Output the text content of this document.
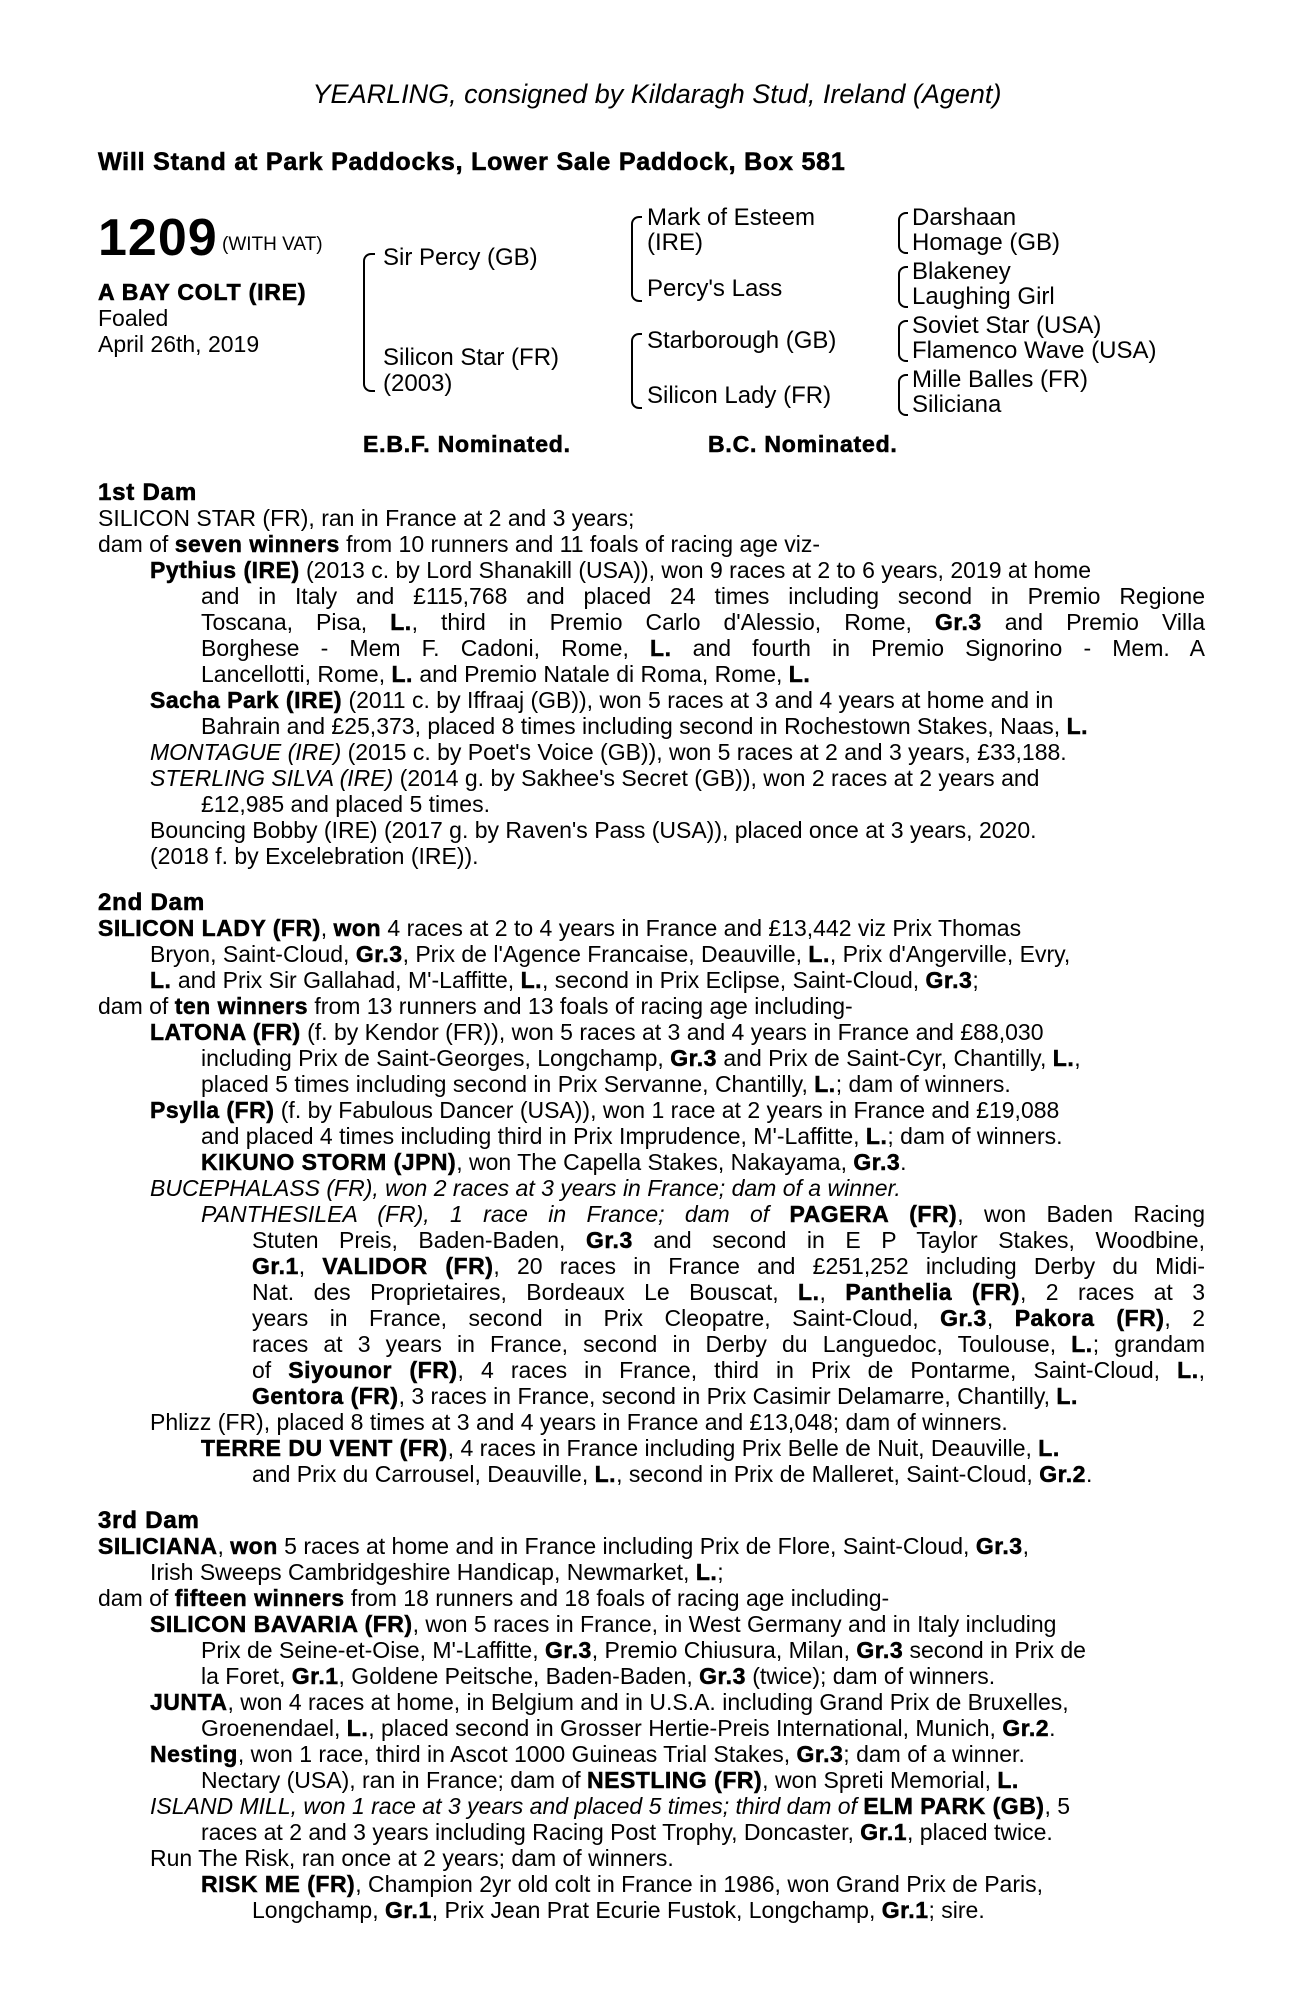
YEARLING, consigned by Kildaragh Stud, Ireland (Agent)
Will Stand at Park Paddocks, Lower Sale Paddock, Box 581
1209 (WITH VAT)
A BAY COLT (IRE)
Foaled
April 26th, 2019
Sir Percy (GB)
Silicon Star (FR)
(2003)
Mark of Esteem
(IRE)
Percy's Lass
Starborough (GB)
Silicon Lady (FR)
Darshaan
Homage (GB)
Blakeney
Laughing Girl
Soviet Star (USA)
Flamenco Wave (USA)
Mille Balles (FR)
Siliciana
E.B.F. Nominated.	B.C. Nominated.
1st Dam
SILICON STAR (FR), ran in France at 2 and 3 years;
dam of seven winners from 10 runners and 11 foals of racing age viz-
Pythius (IRE) (2013 c. by Lord Shanakill (USA)), won 9 races at 2 to 6 years, 2019 at home
and in Italy and £115,768 and placed 24 times including second in Premio Regione
Toscana, Pisa, L., third in Premio Carlo d'Alessio, Rome, Gr.3 and Premio Villa
Borghese - Mem F. Cadoni, Rome, L. and fourth in Premio Signorino - Mem. A
Lancellotti, Rome, L. and Premio Natale di Roma, Rome, L.
Sacha Park (IRE) (2011 c. by Iffraaj (GB)), won 5 races at 3 and 4 years at home and in
Bahrain and £25,373, placed 8 times including second in Rochestown Stakes, Naas, L.
MONTAGUE (IRE) (2015 c. by Poet's Voice (GB)), won 5 races at 2 and 3 years, £33,188.
STERLING SILVA (IRE) (2014 g. by Sakhee's Secret (GB)), won 2 races at 2 years and
£12,985 and placed 5 times.
Bouncing Bobby (IRE) (2017 g. by Raven's Pass (USA)), placed once at 3 years, 2020.
(2018 f. by Excelebration (IRE)).
2nd Dam
SILICON LADY (FR), won 4 races at 2 to 4 years in France and £13,442 viz Prix Thomas
Bryon, Saint-Cloud, Gr.3, Prix de l'Agence Francaise, Deauville, L., Prix d'Angerville, Evry,
L. and Prix Sir Gallahad, M'-Laffitte, L., second in Prix Eclipse, Saint-Cloud, Gr.3;
dam of ten winners from 13 runners and 13 foals of racing age including-
LATONA (FR) (f. by Kendor (FR)), won 5 races at 3 and 4 years in France and £88,030
including Prix de Saint-Georges, Longchamp, Gr.3 and Prix de Saint-Cyr, Chantilly, L.,
placed 5 times including second in Prix Servanne, Chantilly, L.; dam of winners.
Psylla (FR) (f. by Fabulous Dancer (USA)), won 1 race at 2 years in France and £19,088
and placed 4 times including third in Prix Imprudence, M'-Laffitte, L.; dam of winners.
KIKUNO STORM (JPN), won The Capella Stakes, Nakayama, Gr.3.
BUCEPHALASS (FR), won 2 races at 3 years in France; dam of a winner.
PANTHESILEA (FR), 1 race in France; dam of PAGERA (FR), won Baden Racing
Stuten Preis, Baden-Baden, Gr.3 and second in E P Taylor Stakes, Woodbine,
Gr.1, VALIDOR (FR), 20 races in France and £251,252 including Derby du Midi-
Nat. des Proprietaires, Bordeaux Le Bouscat, L., Panthelia (FR), 2 races at 3
years in France, second in Prix Cleopatre, Saint-Cloud, Gr.3, Pakora (FR), 2
races at 3 years in France, second in Derby du Languedoc, Toulouse, L.; grandam
of Siyounor (FR), 4 races in France, third in Prix de Pontarme, Saint-Cloud, L.,
Gentora (FR), 3 races in France, second in Prix Casimir Delamarre, Chantilly, L.
Phlizz (FR), placed 8 times at 3 and 4 years in France and £13,048; dam of winners.
TERRE DU VENT (FR), 4 races in France including Prix Belle de Nuit, Deauville, L.
and Prix du Carrousel, Deauville, L., second in Prix de Malleret, Saint-Cloud, Gr.2.
3rd Dam
SILICIANA, won 5 races at home and in France including Prix de Flore, Saint-Cloud, Gr.3,
Irish Sweeps Cambridgeshire Handicap, Newmarket, L.;
dam of fifteen winners from 18 runners and 18 foals of racing age including-
SILICON BAVARIA (FR), won 5 races in France, in West Germany and in Italy including
Prix de Seine-et-Oise, M'-Laffitte, Gr.3, Premio Chiusura, Milan, Gr.3 second in Prix de
la Foret, Gr.1, Goldene Peitsche, Baden-Baden, Gr.3 (twice); dam of winners.
JUNTA, won 4 races at home, in Belgium and in U.S.A. including Grand Prix de Bruxelles,
Groenendael, L., placed second in Grosser Hertie-Preis International, Munich, Gr.2.
Nesting, won 1 race, third in Ascot 1000 Guineas Trial Stakes, Gr.3; dam of a winner.
Nectary (USA), ran in France; dam of NESTLING (FR), won Spreti Memorial, L.
ISLAND MILL, won 1 race at 3 years and placed 5 times; third dam of ELM PARK (GB), 5
races at 2 and 3 years including Racing Post Trophy, Doncaster, Gr.1, placed twice.
Run The Risk, ran once at 2 years; dam of winners.
RISK ME (FR), Champion 2yr old colt in France in 1986, won Grand Prix de Paris,
Longchamp, Gr.1, Prix Jean Prat Ecurie Fustok, Longchamp, Gr.1; sire.
